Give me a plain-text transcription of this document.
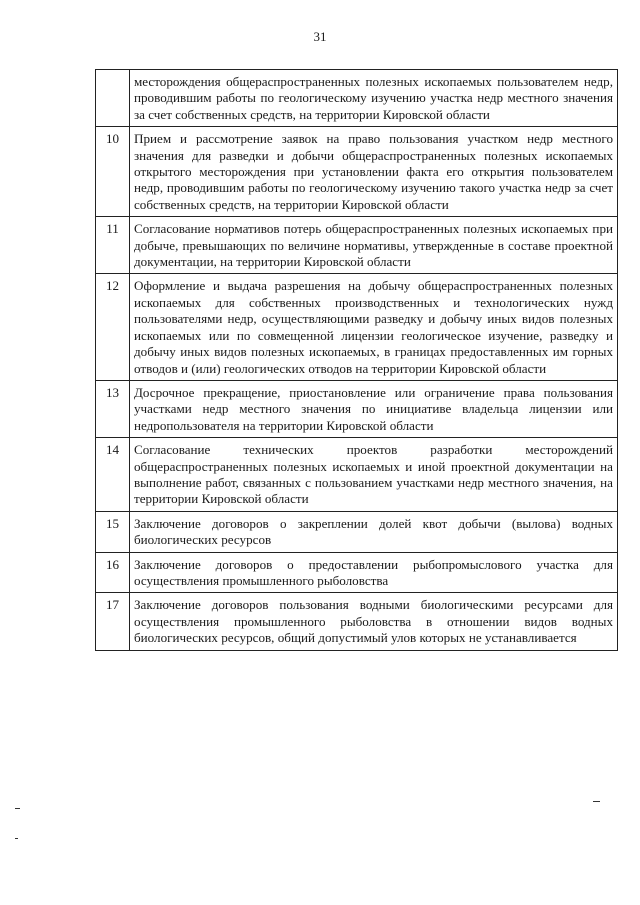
31
	месторождения общераспространенных полезных ископаемых пользователем недр, проводившим работы по геологическому изучению участка недр местного значения за счет собственных средств, на территории Кировской области
10	Прием и рассмотрение заявок на право пользования участком недр местного значения для разведки и добычи общераспространенных полезных ископаемых открытого месторождения при установлении факта его открытия пользователем недр, проводившим работы по геологическому изучению такого участка недр за счет собственных средств, на территории Кировской области
11	Согласование нормативов потерь общераспространенных полезных ископаемых при добыче, превышающих по величине нормативы, утвержденные в составе проектной документации, на территории Кировской области
12	Оформление и выдача разрешения на добычу общераспространенных полезных ископаемых для собственных производственных и технологических нужд пользователями недр, осуществляющими разведку и добычу иных видов полезных ископаемых или по совмещенной лицензии геологическое изучение, разведку и добычу иных видов полезных ископаемых, в границах предоставленных им горных отводов и (или) геологических отводов на территории Кировской области
13	Досрочное прекращение, приостановление или ограничение права пользования участками недр местного значения по инициативе владельца лицензии или недропользователя на территории Кировской области
14	Согласование технических проектов разработки месторождений общераспространенных полезных ископаемых и иной проектной документации на выполнение работ, связанных с пользованием участками недр местного значения, на территории Кировской области
15	Заключение договоров о закреплении долей квот добычи (вылова) водных биологических ресурсов
16	Заключение договоров о предоставлении рыбопромыслового участка для осуществления промышленного рыболовства
17	Заключение договоров пользования водными биологическими ресурсами для осуществления промышленного рыболовства в отношении видов водных биологических ресурсов, общий допустимый улов которых не устанавливается
